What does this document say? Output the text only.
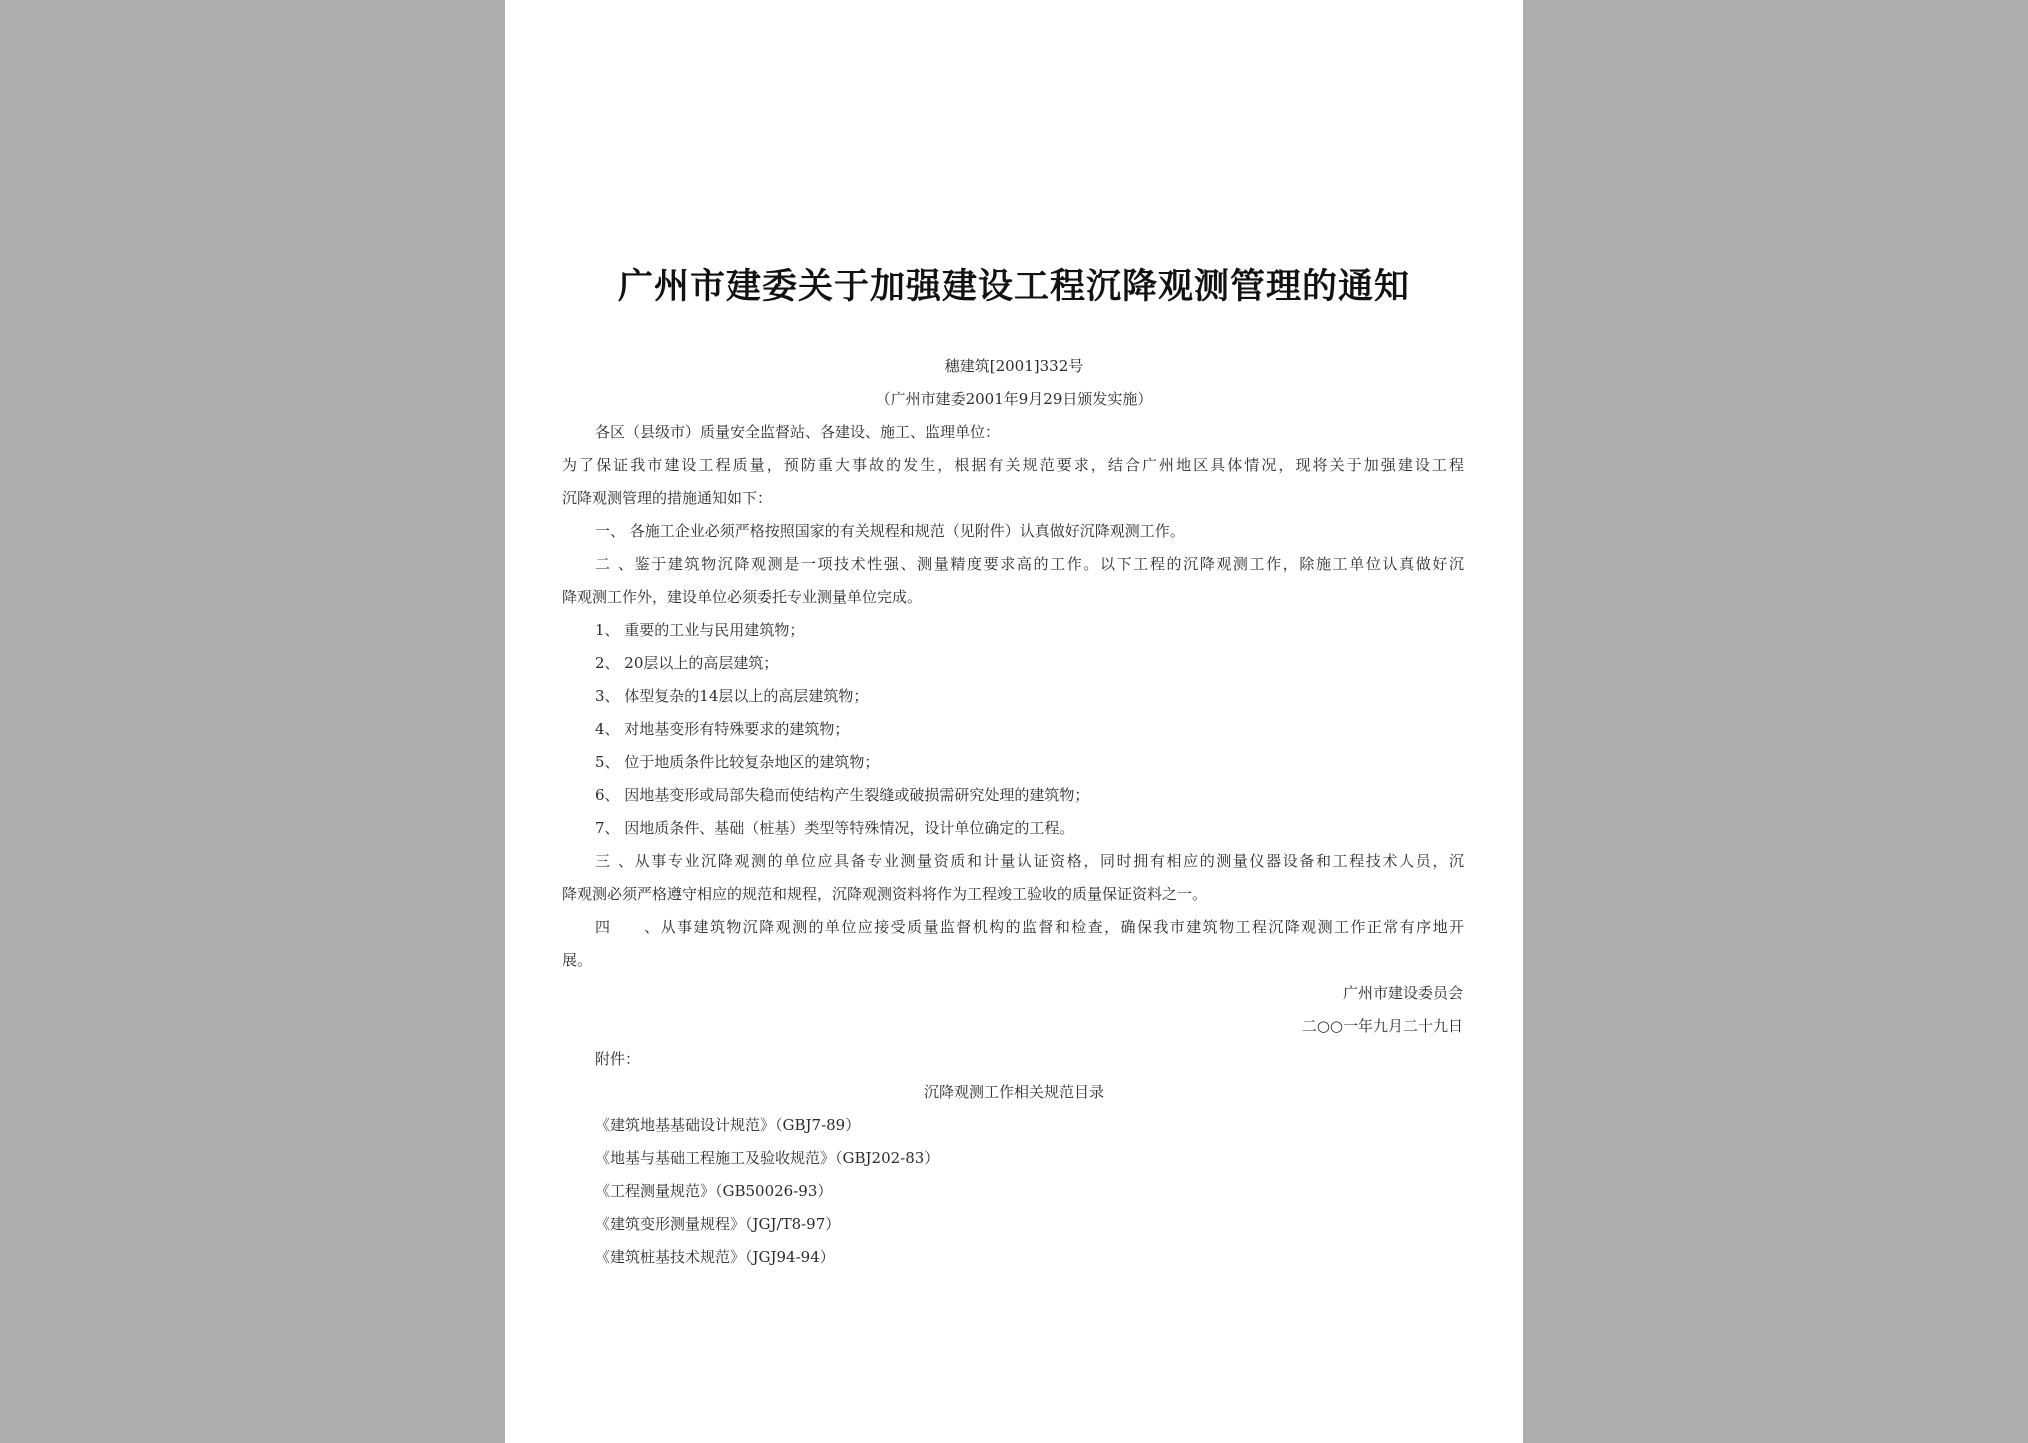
广州市建委关于加强建设工程沉降观测管理的通知
穗建筑[2001]332号
（广州市建委2001年9月29日颁发实施）
各区（县级市）质量安全监督站、各建设、施工、监理单位：
为了保证我市建设工程质量，预防重大事故的发生，根据有关规范要求，结合广州地区具体情况，现将关于加强建设工程
沉降观测管理的措施通知如下：
一、 各施工企业必须严格按照国家的有关规程和规范（见附件）认真做好沉降观测工作。
二 、鉴于建筑物沉降观测是一项技术性强、测量精度要求高的工作。以下工程的沉降观测工作，除施工单位认真做好沉
降观测工作外，建设单位必须委托专业测量单位完成。
1、 重要的工业与民用建筑物；
2、 20层以上的高层建筑；
3、 体型复杂的14层以上的高层建筑物；
4、 对地基变形有特殊要求的建筑物；
5、 位于地质条件比较复杂地区的建筑物；
6、 因地基变形或局部失稳而使结构产生裂缝或破损需研究处理的建筑物；
7、 因地质条件、基础（桩基）类型等特殊情况，设计单位确定的工程。
三 、从事专业沉降观测的单位应具备专业测量资质和计量认证资格，同时拥有相应的测量仪器设备和工程技术人员，沉
降观测必须严格遵守相应的规范和规程，沉降观测资料将作为工程竣工验收的质量保证资料之一。
四　　、从事建筑物沉降观测的单位应接受质量监督机构的监督和检查，确保我市建筑物工程沉降观测工作正常有序地开
展。
广州市建设委员会
二○○一年九月二十九日
附件：
沉降观测工作相关规范目录
《建筑地基基础设计规范》（GBJ7-89）
《地基与基础工程施工及验收规范》（GBJ202-83）
《工程测量规范》（GB50026-93）
《建筑变形测量规程》（JGJ/T8-97）
《建筑桩基技术规范》（JGJ94-94）
